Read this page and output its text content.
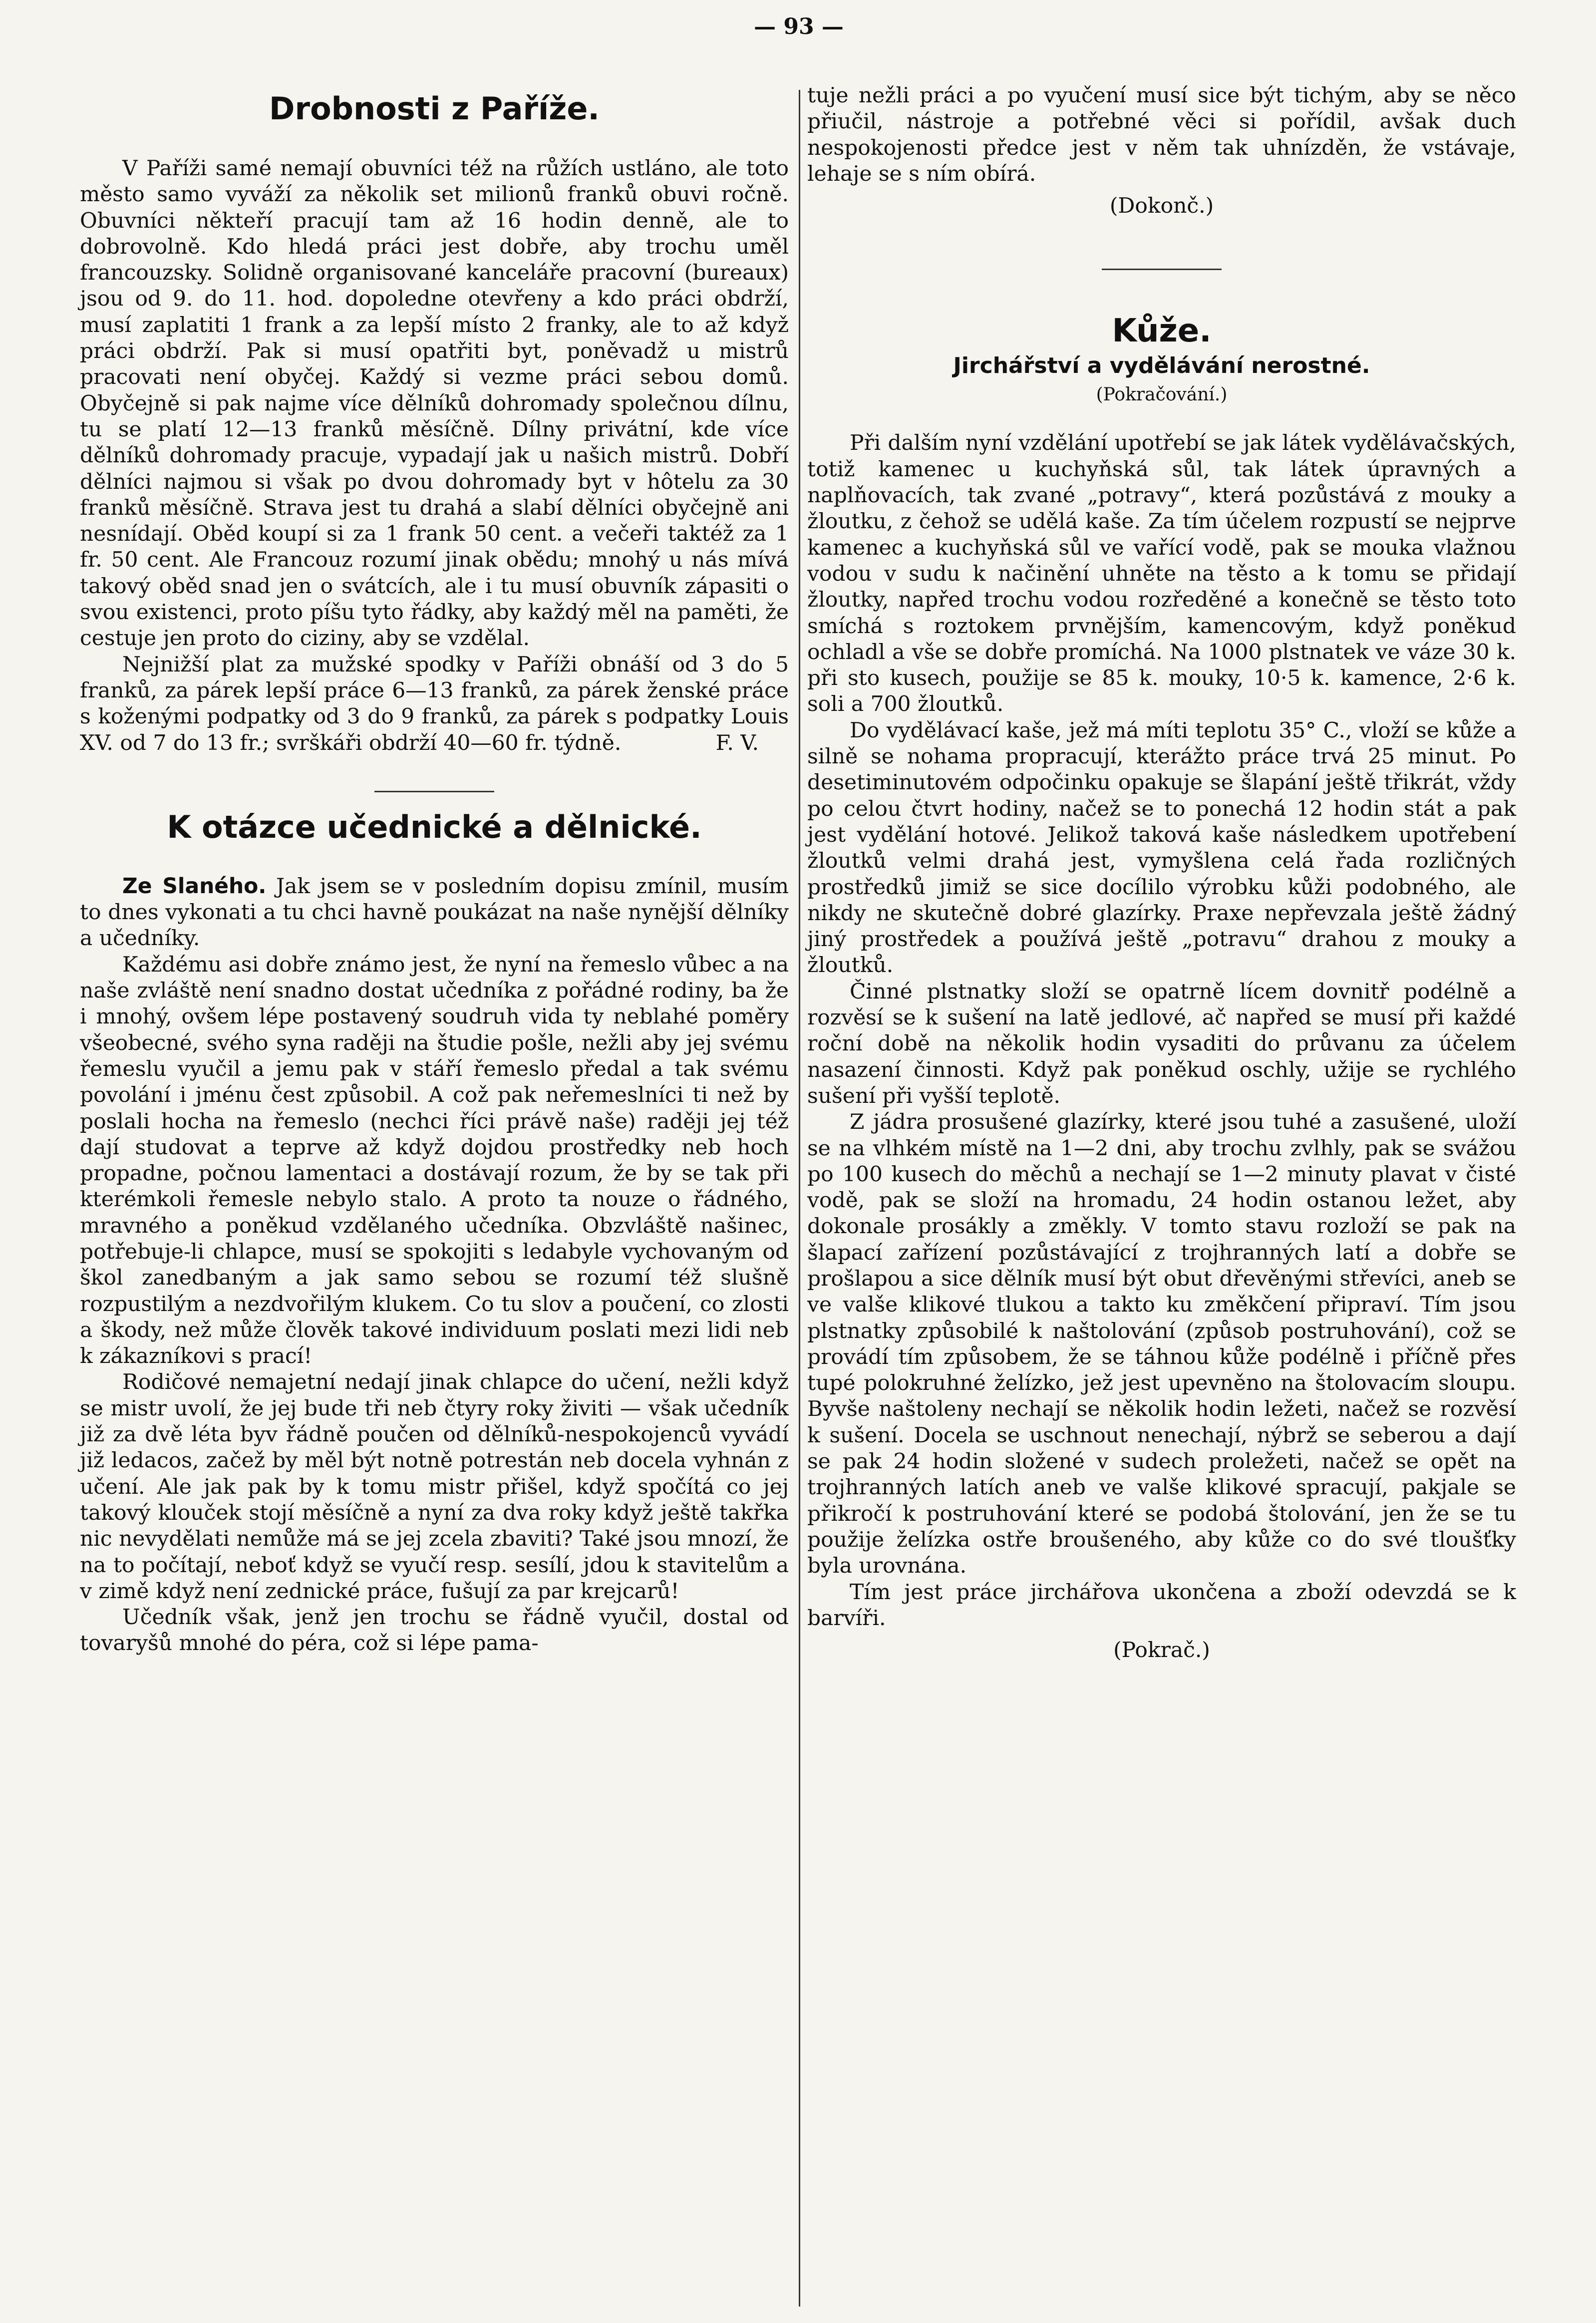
— 93 —
Drobnosti z Paříže.

V Paříži samé nemají obuvníci též na růžích ustláno, ale toto město samo vyváží za několik set milionů franků obuvi ročně. Obuvníci někteří pracují tam až 16 hodin denně, ale to dobrovolně. Kdo hledá práci jest dobře, aby trochu uměl francouzsky. Solidně organisované kanceláře pracovní (bureaux) jsou od 9. do 11. hod. dopoledne otevřeny a kdo práci obdrží, musí zaplatiti 1 frank a za lepší místo 2 franky, ale to až když práci obdrží. Pak si musí opatřiti byt, poněvadž u mistrů pracovati není obyčej. Každý si vezme práci sebou domů. Obyčejně si pak najme více dělníků dohromady společnou dílnu, tu se platí 12—13 franků měsíčně. Dílny privátní, kde více dělníků dohromady pracuje, vypadají jak u našich mistrů. Dobří dělníci najmou si však po dvou dohromady byt v hôtelu za 30 franků měsíčně. Strava jest tu drahá a slabí dělníci obyčejně ani nesnídají. Oběd koupí si za 1 frank 50 cent. a večeři taktéž za 1 fr. 50 cent. Ale Francouz rozumí jinak obědu; mnohý u nás mívá takový oběd snad jen o svátcích, ale i tu musí obuvník zápasiti o svou existenci, proto píšu tyto řádky, aby každý měl na paměti, že cestuje jen proto do ciziny, aby se vzdělal.

Nejnižší plat za mužské spodky v Paříži obnáší od 3 do 5 franků, za párek lepší práce 6—13 franků, za párek ženské práce s koženými podpatky od 3 do 9 franků, za párek s podpatky Louis XV. od 7 do 13 fr.; svrškáři obdrží 40—60 fr. týdně.	F. V.

K otázce učednické a dělnické.

Ze Slaného. Jak jsem se v posledním dopisu zmínil, musím to dnes vykonati a tu chci havně poukázat na naše nynější dělníky a učedníky.

Každému asi dobře známo jest, že nyní na řemeslo vůbec a na naše zvláště není snadno dostat učedníka z pořádné rodiny, ba že i mnohý, ovšem lépe postavený soudruh vida ty neblahé poměry všeobecné, svého syna raději na študie pošle, nežli aby jej svému řemeslu vyučil a jemu pak v stáří řemeslo předal a tak svému povolání i jménu čest způsobil. A což pak neřemeslníci ti než by poslali hocha na řemeslo (nechci říci právě naše) raději jej též dají studovat a teprve až když dojdou prostředky neb hoch propadne, počnou lamentaci a dostávají rozum, že by se tak při kterémkoli řemesle nebylo stalo. A proto ta nouze o řádného, mravného a poněkud vzdělaného učedníka. Obzvláště našinec, potřebuje-li chlapce, musí se spokojiti s ledabyle vychovaným od škol zanedbaným a jak samo sebou se rozumí též slušně rozpustilým a nezdvořilým klukem. Co tu slov a poučení, co zlosti a škody, než může člověk takové individuum poslati mezi lidi neb k zákazníkovi s prací!

Rodičové nemajetní nedají jinak chlapce do učení, nežli když se mistr uvolí, že jej bude tři neb čtyry roky živiti — však učedník již za dvě léta byv řádně poučen od dělníků-nespokojenců vyvádí již ledacos, začež by měl být notně potrestán neb docela vyhnán z učení. Ale jak pak by k tomu mistr přišel, když spočítá co jej takový klouček stojí měsíčně a nyní za dva roky když ještě takřka nic nevydělati nemůže má se jej zcela zbaviti? Také jsou mnozí, že na to počítají, neboť když se vyučí resp. sesílí, jdou k stavitelům a v zimě když není zednické práce, fušují za par krejcarů!

Učedník však, jenž jen trochu se řádně vyučil, dostal od tovaryšů mnohé do péra, což si lépe pama-

tuje nežli práci a po vyučení musí sice být tichým, aby se něco přiučil, nástroje a potřebné věci si pořídil, avšak duch nespokojenosti předce jest v něm tak uhnízděn, že vstávaje, lehaje se s ním obírá.

(Dokonč.)

Kůže.
Jirchářství a vydělávání nerostné.
(Pokračování.)

Při dalším nyní vzdělání upotřebí se jak látek vydělávačských, totiž kamenec u kuchyňská sůl, tak látek úpravných a naplňovacích, tak zvané „potravy“, která pozůstává z mouky a žloutku, z čehož se udělá kaše. Za tím účelem rozpustí se nejprve kamenec a kuchyňská sůl ve vařící vodě, pak se mouka vlažnou vodou v sudu k načinění uhněte na těsto a k tomu se přidají žloutky, napřed trochu vodou rozředěné a konečně se těsto toto smíchá s roztokem prvnějším, kamencovým, když poněkud ochladl a vše se dobře promíchá. Na 1000 plstnatek ve váze 30 k. při sto kusech, použije se 85 k. mouky, 10·5 k. kamence, 2·6 k. soli a 700 žloutků.

Do vydělávací kaše, jež má míti teplotu 35° C., vloží se kůže a silně se nohama propracují, kterážto práce trvá 25 minut. Po desetiminutovém odpočinku opakuje se šlapání ještě třikrát, vždy po celou čtvrt hodiny, načež se to ponechá 12 hodin stát a pak jest vydělání hotové. Jelikož taková kaše následkem upotřebení žloutků velmi drahá jest, vymyšlena celá řada rozličných prostředků jimiž se sice docílilo výrobku kůži podobného, ale nikdy ne skutečně dobré glazírky. Praxe nepřevzala ještě žádný jiný prostředek a používá ještě „potravu“ drahou z mouky a žloutků.

Činné plstnatky složí se opatrně lícem dovnitř podélně a rozvěsí se k sušení na latě jedlové, ač napřed se musí při každé roční době na několik hodin vysaditi do průvanu za účelem nasazení činnosti. Když pak poněkud oschly, užije se rychlého sušení při vyšší teplotě.

Z jádra prosušené glazírky, které jsou tuhé a zasušené, uloží se na vlhkém místě na 1—2 dni, aby trochu zvlhly, pak se svážou po 100 kusech do měchů a nechají se 1—2 minuty plavat v čisté vodě, pak se složí na hromadu, 24 hodin ostanou ležet, aby dokonale prosákly a změkly. V tomto stavu rozloží se pak na šlapací zařízení pozůstávající z trojhranných latí a dobře se prošlapou a sice dělník musí být obut dřevěnými střevíci, aneb se ve valše klikové tlukou a takto ku změkčení připraví. Tím jsou plstnatky způsobilé k naštolování (způsob postruhování), což se provádí tím způsobem, že se táhnou kůže podélně i příčně přes tupé polokruhné želízko, jež jest upevněno na štolovacím sloupu. Byvše naštoleny nechají se několik hodin ležeti, načež se rozvěsí k sušení. Docela se uschnout nenechají, nýbrž se seberou a dají se pak 24 hodin složené v sudech proležeti, načež se opět na trojhranných latích aneb ve valše klikové spracují, pakjale se přikročí k postruhování které se podobá štolování, jen že se tu použije želízka ostře broušeného, aby kůže co do své tloušťky byla urovnána.

Tím jest práce jirchářova ukončena a zboží odevzdá se k barvíři.

(Pokrač.)
